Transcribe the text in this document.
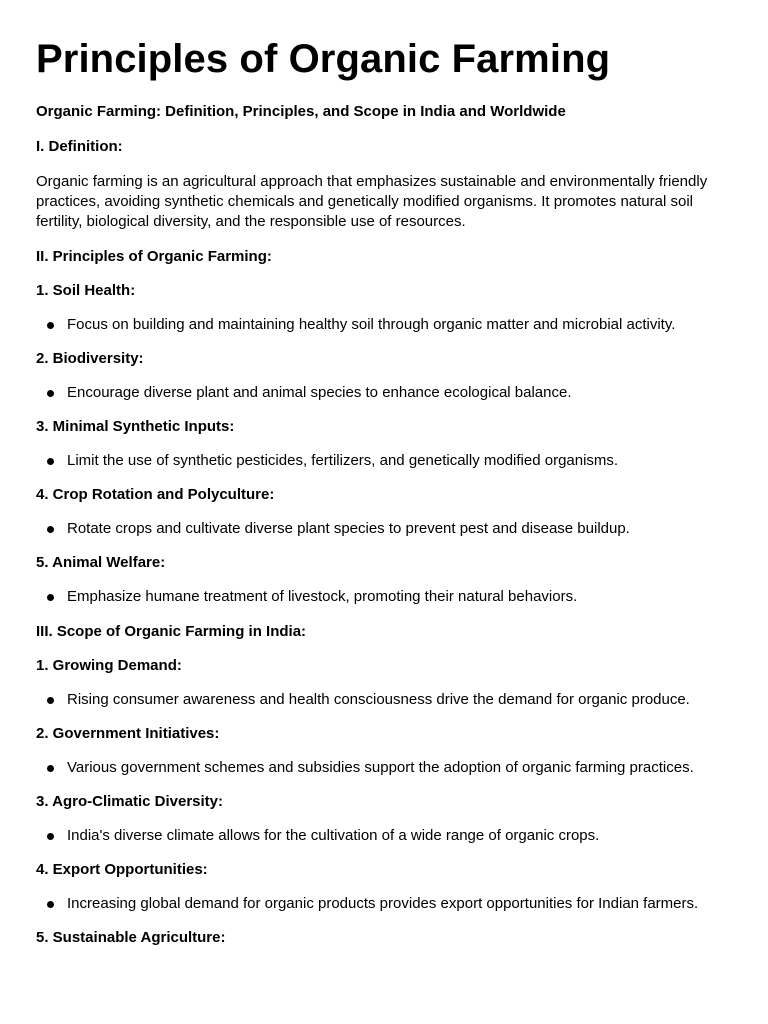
Principles of Organic Farming
Organic Farming: Definition, Principles, and Scope in India and Worldwide
I. Definition:
Organic farming is an agricultural approach that emphasizes sustainable and environmentally friendly practices, avoiding synthetic chemicals and genetically modified organisms. It promotes natural soil fertility, biological diversity, and the responsible use of resources.
II. Principles of Organic Farming:
1. Soil Health:
Focus on building and maintaining healthy soil through organic matter and microbial activity.
2. Biodiversity:
Encourage diverse plant and animal species to enhance ecological balance.
3. Minimal Synthetic Inputs:
Limit the use of synthetic pesticides, fertilizers, and genetically modified organisms.
4. Crop Rotation and Polyculture:
Rotate crops and cultivate diverse plant species to prevent pest and disease buildup.
5. Animal Welfare:
Emphasize humane treatment of livestock, promoting their natural behaviors.
III. Scope of Organic Farming in India:
1. Growing Demand:
Rising consumer awareness and health consciousness drive the demand for organic produce.
2. Government Initiatives:
Various government schemes and subsidies support the adoption of organic farming practices.
3. Agro-Climatic Diversity:
India's diverse climate allows for the cultivation of a wide range of organic crops.
4. Export Opportunities:
Increasing global demand for organic products provides export opportunities for Indian farmers.
5. Sustainable Agriculture:
